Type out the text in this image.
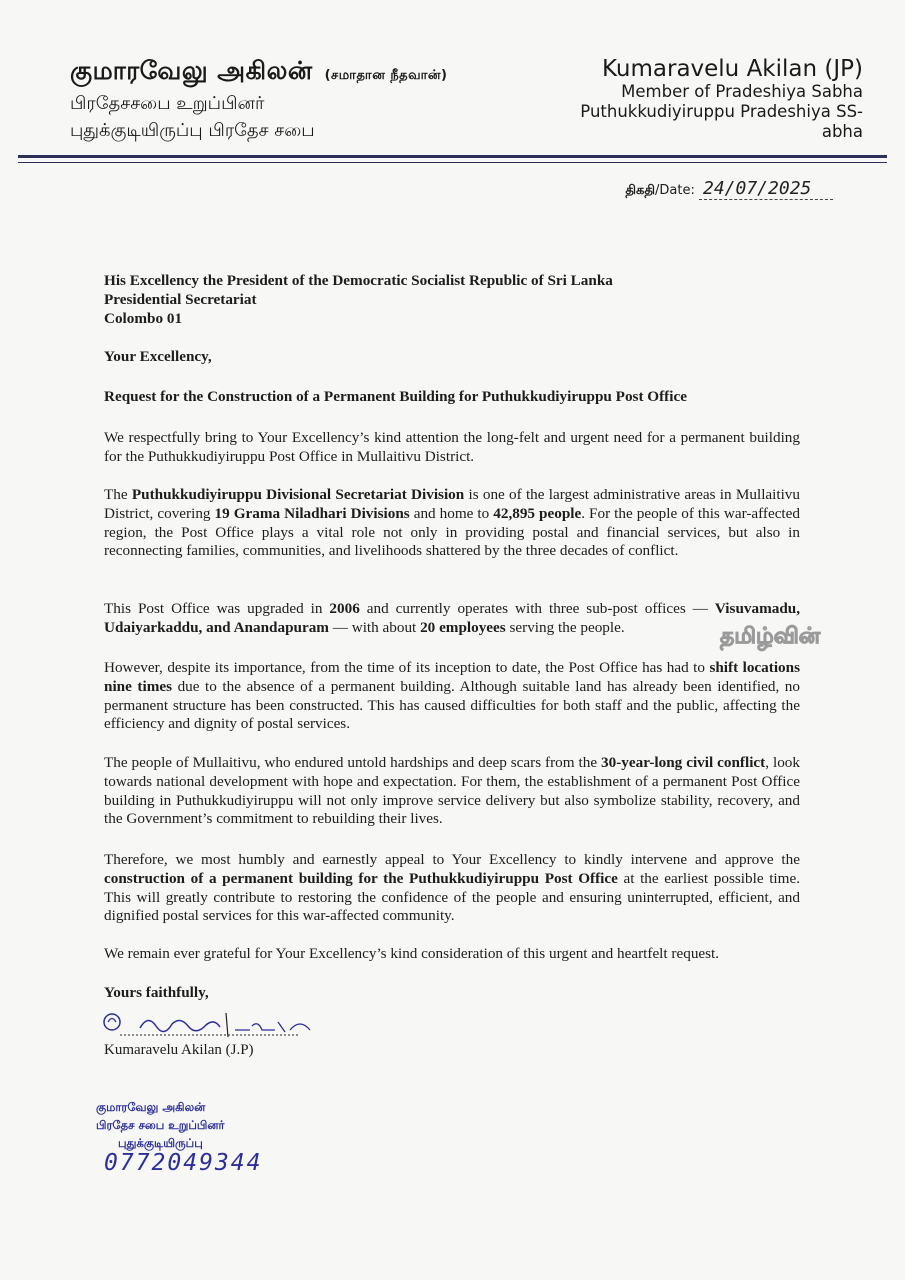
குமாரவேலு அகிலன் (சமாதான நீதவான்)
பிரதேசசபை உறுப்பினர்
புதுக்குடியிருப்பு பிரதேச சபை
Kumaravelu Akilan (JP)
Member of Pradeshiya Sabha
Puthukkudiyiruppu Pradeshiya SS-
abha
திகதி/Date: 24/07/2025
His Excellency the President of the Democratic Socialist Republic of Sri Lanka
Presidential Secretariat
Colombo 01
Your Excellency,
Request for the Construction of a Permanent Building for Puthukkudiyiruppu Post Office
We respectfully bring to Your Excellency’s kind attention the long-felt and urgent need for a permanent building for the Puthukkudiyiruppu Post Office in Mullaitivu District.
The Puthukkudiyiruppu Divisional Secretariat Division is one of the largest administrative areas in Mullaitivu District, covering 19 Grama Niladhari Divisions and home to 42,895 people. For the people of this war-affected region, the Post Office plays a vital role not only in providing postal and financial services, but also in reconnecting families, communities, and livelihoods shattered by the three decades of conflict.
This Post Office was upgraded in 2006 and currently operates with three sub-post offices — Visuvamadu, Udaiyarkaddu, and Anandapuram — with about 20 employees serving the people.
However, despite its importance, from the time of its inception to date, the Post Office has had to shift locations nine times due to the absence of a permanent building. Although suitable land has already been identified, no permanent structure has been constructed. This has caused difficulties for both staff and the public, affecting the efficiency and dignity of postal services.
The people of Mullaitivu, who endured untold hardships and deep scars from the 30-year-long civil conflict, look towards national development with hope and expectation. For them, the establishment of a permanent Post Office building in Puthukkudiyiruppu will not only improve service delivery but also symbolize stability, recovery, and the Government’s commitment to rebuilding their lives.
Therefore, we most humbly and earnestly appeal to Your Excellency to kindly intervene and approve the construction of a permanent building for the Puthukkudiyiruppu Post Office at the earliest possible time. This will greatly contribute to restoring the confidence of the people and ensuring uninterrupted, efficient, and dignified postal services for this war-affected community.
We remain ever grateful for Your Excellency’s kind consideration of this urgent and heartfelt request.
தமிழ்வின்
Yours faithfully,
Kumaravelu Akilan (J.P)
குமாரவேலு அகிலன்
பிரதேச சபை உறுப்பினர்
புதுக்குடியிருப்பு
0772049344
